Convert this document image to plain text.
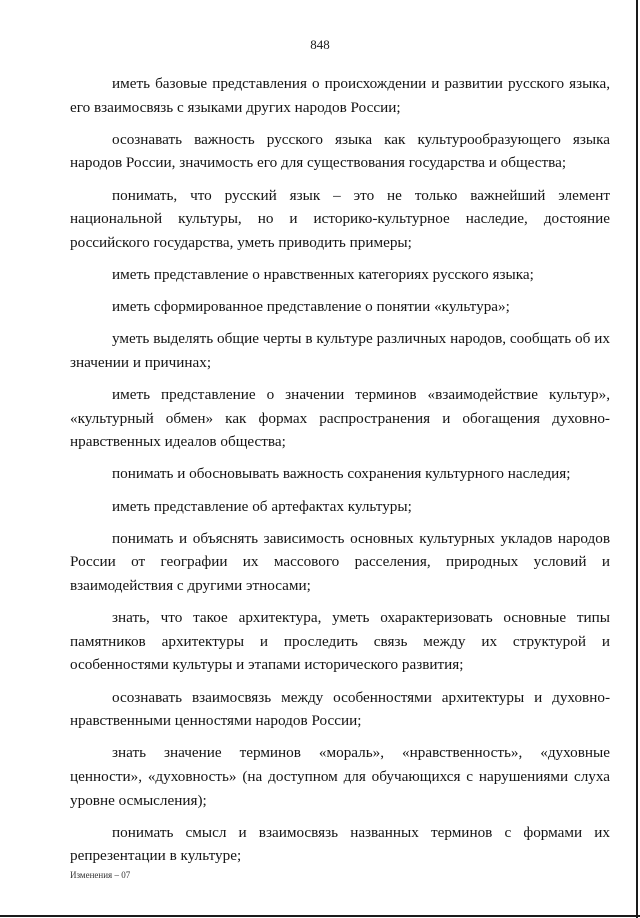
848

иметь базовые представления о происхождении и развитии русского языка, его взаимосвязь с языками других народов России;

осознавать важность русского языка как культурообразующего языка народов России, значимость его для существования государства и общества;

понимать, что русский язык – это не только важнейший элемент национальной культуры, но и историко-культурное наследие, достояние российского государства, уметь приводить примеры;

иметь представление о нравственных категориях русского языка;

иметь сформированное представление о понятии «культура»;

уметь выделять общие черты в культуре различных народов, сообщать об их значении и причинах;

иметь представление о значении терминов «взаимодействие культур», «культурный обмен» как формах распространения и обогащения духовно-нравственных идеалов общества;

понимать и обосновывать важность сохранения культурного наследия;

иметь представление об артефактах культуры;

понимать и объяснять зависимость основных культурных укладов народов России от географии их массового расселения, природных условий и взаимодействия с другими этносами;

знать, что такое архитектура, уметь охарактеризовать основные типы памятников архитектуры и проследить связь между их структурой и особенностями культуры и этапами исторического развития;

осознавать взаимосвязь между особенностями архитектуры и духовно-нравственными ценностями народов России;

знать значение терминов «мораль», «нравственность», «духовные ценности», «духовность» (на доступном для обучающихся с нарушениями слуха уровне осмысления);

понимать смысл и взаимосвязь названных терминов с формами их репрезентации в культуре;

Изменения – 07
